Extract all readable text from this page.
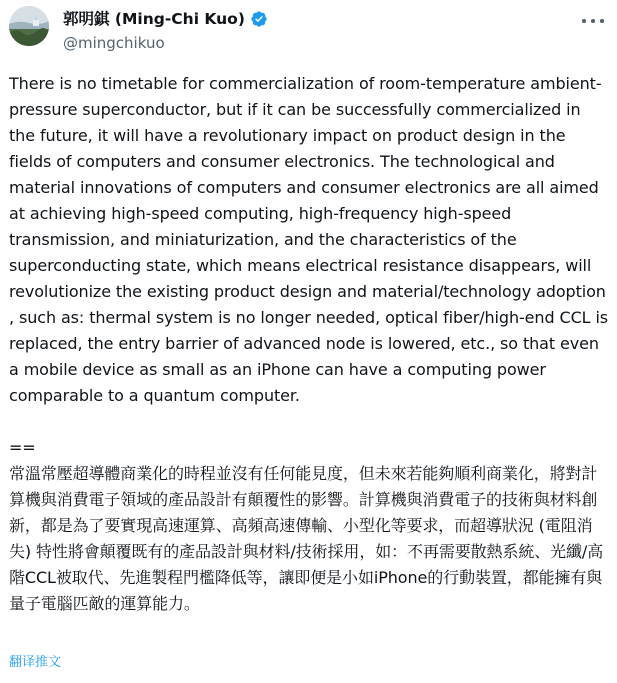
郭明錤 (Ming-Chi Kuo)
@mingchikuo
There is no timetable for commercialization of room-temperature ambient-pressure superconductor, but if it can be successfully commercialized in the future, it will have a revolutionary impact on product design in the fields of computers and consumer electronics. The technological and material innovations of computers and consumer electronics are all aimed at achieving high-speed computing, high-frequency high-speed transmission, and miniaturization, and the characteristics of the superconducting state, which means electrical resistance disappears, will revolutionize the existing product design and material/technology adoption , such as: thermal system is no longer needed, optical fiber/high-end CCL is replaced, the entry barrier of advanced node is lowered, etc., so that even a mobile device as small as an iPhone can have a computing power comparable to a quantum computer.
==
常溫常壓超導體商業化的時程並沒有任何能見度，但未來若能夠順利商業化，將對計算機與消費電子領域的產品設計有顛覆性的影響。計算機與消費電子的技術與材料創新，都是為了要實現高速運算、高頻高速傳輸、小型化等要求，而超導狀況 (電阻消失) 特性將會顛覆既有的產品設計與材料/技術採用，如：不再需要散熱系統、光纖/高階CCL被取代、先進製程門檻降低等，讓即便是小如iPhone的行動裝置，都能擁有與量子電腦匹敵的運算能力。
翻译推文
